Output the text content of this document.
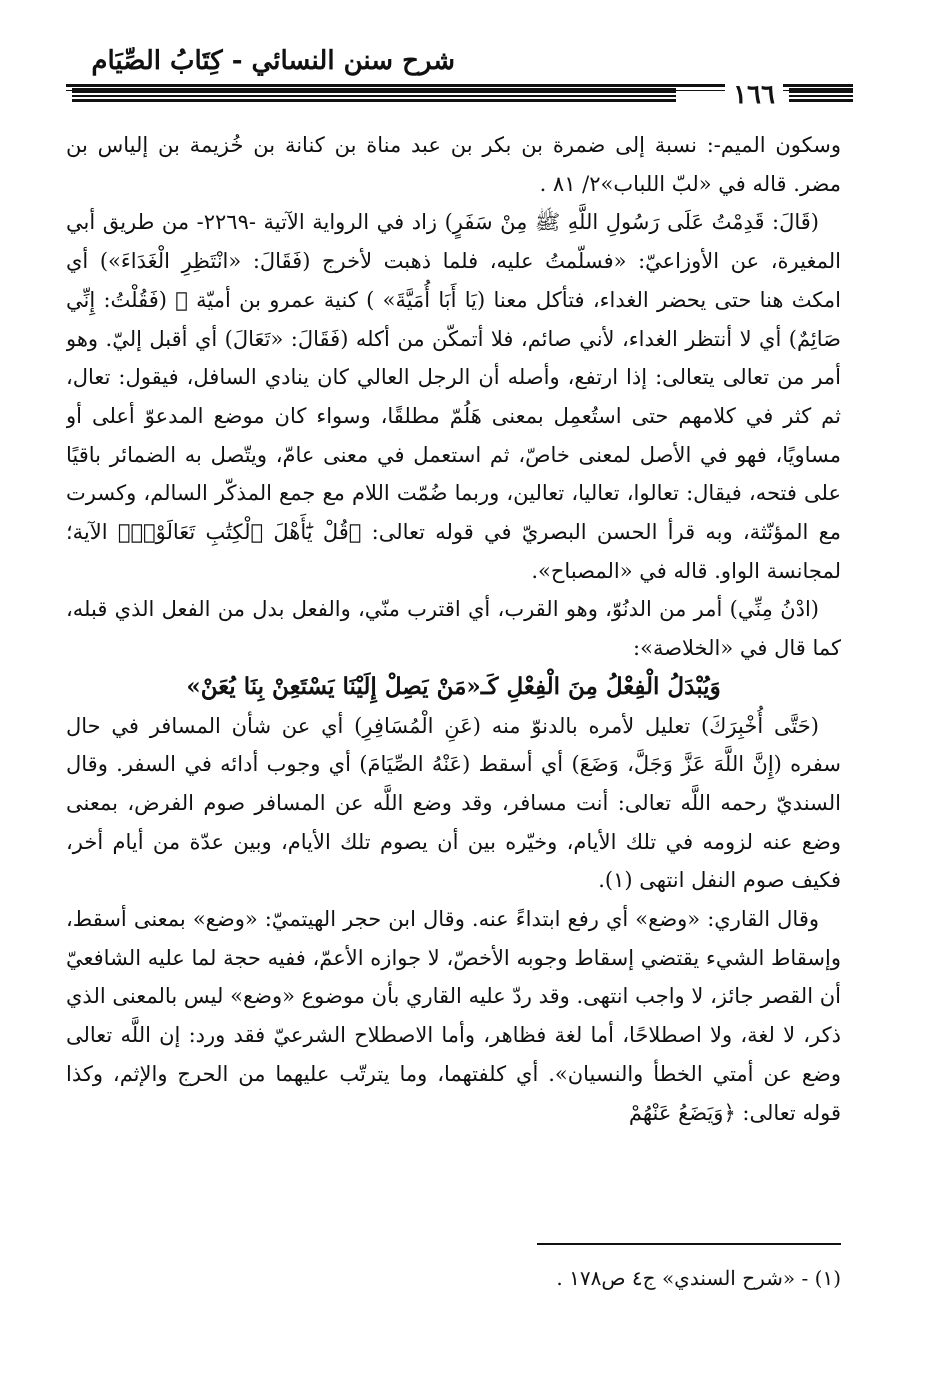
شرح سنن النسائي - كِتَابُ الصِّيَام
١٦٦

وسكون الميم-: نسبة إلى ضمرة بن بكر بن عبد مناة بن كنانة بن خُزيمة بن إلياس بن مضر. قاله في «لبّ اللباب»٢/ ٨١ .

(قَالَ: قَدِمْتُ عَلَى رَسُولِ اللَّهِ ﷺ مِنْ سَفَرٍ) زاد في الرواية الآتية -٢٢٦٩- من طريق أبي المغيرة، عن الأوزاعيّ: «فسلّمتُ عليه، فلما ذهبت لأخرج (فَقَالَ: «انْتَظِرِ الْغَدَاءَ») أي امكث هنا حتى يحضر الغداء، فتأكل معنا (يَا أَبَا أُمَيَّةَ» ) كنية عمرو بن أميّة ﷺ (فَقُلْتُ: إِنِّي صَائِمٌ) أي لا أنتظر الغداء، لأني صائم، فلا أتمكّن من أكله (فَقَالَ: «تَعَالَ) أي أقبل إليّ. وهو أمر من تعالى يتعالى: إذا ارتفع، وأصله أن الرجل العالي كان ينادي السافل، فيقول: تعال، ثم كثر في كلامهم حتى استُعمِل بمعنى هَلُمّ مطلقًا، وسواء كان موضع المدعوّ أعلى أو مساويًا، فهو في الأصل لمعنى خاصّ، ثم استعمل في معنى عامّ، ويتّصل به الضمائر باقيًا على فتحه، فيقال: تعالوا، تعاليا، تعالين، وربما ضُمّت اللام مع جمع المذكّر السالم، وكسرت مع المؤنّثة، وبه قرأ الحسن البصريّ في قوله تعالى: ﴿قُلْ يَٰٓأَهْلَ ٱلْكِتَٰبِ تَعَالَوْا۟﴾ الآية؛ لمجانسة الواو. قاله في «المصباح».

(ادْنُ مِنِّي) أمر من الدنُوّ، وهو القرب، أي اقترب منّي، والفعل بدل من الفعل الذي قبله، كما قال في «الخلاصة»:

وَيُبْدَلُ الْفِعْلُ مِنَ الْفِعْلِ كَـ«مَنْ يَصِلْ إِلَيْنَا يَسْتَعِنْ بِنَا يُعَنْ»

(حَتَّى أُخْبِرَكَ) تعليل لأمره بالدنوّ منه (عَنِ الْمُسَافِرِ) أي عن شأن المسافر في حال سفره (إِنَّ اللَّهَ عَزَّ وَجَلَّ، وَضَعَ) أي أسقط (عَنْهُ الصِّيَامَ) أي وجوب أدائه في السفر. وقال السنديّ رحمه اللَّه تعالى: أنت مسافر، وقد وضع اللَّه عن المسافر صوم الفرض، بمعنى وضع عنه لزومه في تلك الأيام، وخيّره بين أن يصوم تلك الأيام، وبين عدّة من أيام أخر، فكيف صوم النفل انتهى (١).

وقال القاري: «وضع» أي رفع ابتداءً عنه. وقال ابن حجر الهيتميّ: «وضع» بمعنى أسقط، وإسقاط الشيء يقتضي إسقاط وجوبه الأخصّ، لا جوازه الأعمّ، ففيه حجة لما عليه الشافعيّ أن القصر جائز، لا واجب انتهى. وقد ردّ عليه القاري بأن موضوع «وضع» ليس بالمعنى الذي ذكر، لا لغة، ولا اصطلاحًا، أما لغة فظاهر، وأما الاصطلاح الشرعيّ فقد ورد: إن اللَّه تعالى وضع عن أمتي الخطأ والنسيان». أي كلفتهما، وما يترتّب عليهما من الحرج والإثم، وكذا قوله تعالى: ﴿وَيَضَعُ عَنْهُمْ

(١) - «شرح السندي» ج٤ ص١٧٨ .
